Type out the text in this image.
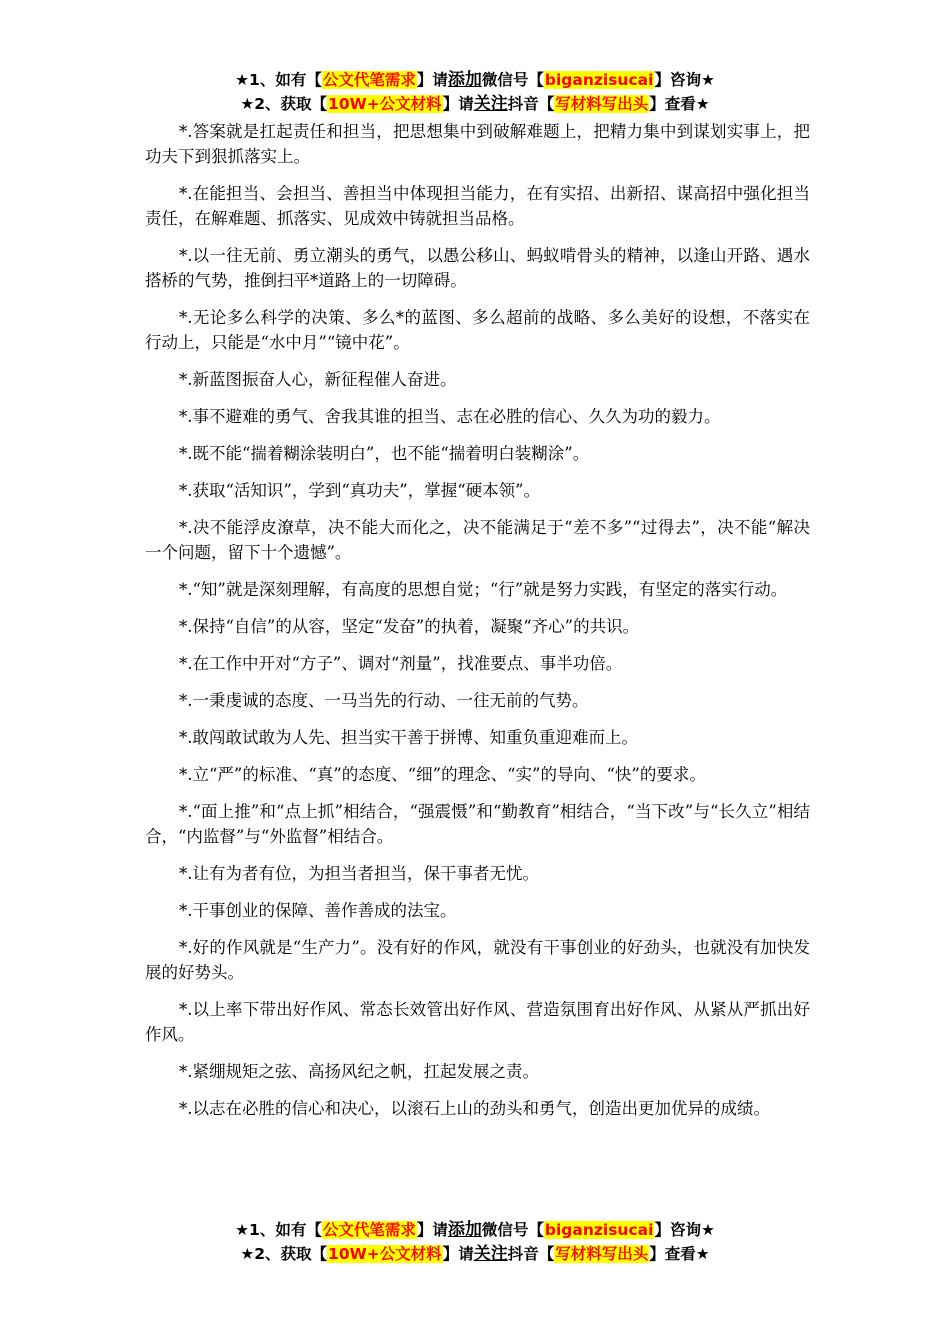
★1、如有【公文代笔需求】请添加微信号【biganzisucai】咨询★
★2、获取【10W+公文材料】请关注抖音【写材料写出头】查看★

*.答案就是扛起责任和担当，把思想集中到破解难题上，把精力集中到谋划实事上，把功夫下到狠抓落实上。

*.在能担当、会担当、善担当中体现担当能力，在有实招、出新招、谋高招中强化担当责任，在解难题、抓落实、见成效中铸就担当品格。

*.以一往无前、勇立潮头的勇气，以愚公移山、蚂蚁啃骨头的精神，以逢山开路、遇水搭桥的气势，推倒扫平*道路上的一切障碍。

*.无论多么科学的决策、多么*的蓝图、多么超前的战略、多么美好的设想，不落实在行动上，只能是“水中月”“镜中花”。

*.新蓝图振奋人心，新征程催人奋进。

*.事不避难的勇气、舍我其谁的担当、志在必胜的信心、久久为功的毅力。

*.既不能“揣着糊涂装明白”，也不能“揣着明白装糊涂”。

*.获取“活知识”，学到“真功夫”，掌握“硬本领”。

*.决不能浮皮潦草，决不能大而化之，决不能满足于“差不多”“过得去”，决不能“解决一个问题，留下十个遗憾”。

*.“知”就是深刻理解，有高度的思想自觉；“行”就是努力实践，有坚定的落实行动。

*.保持“自信”的从容，坚定“发奋”的执着，凝聚“齐心”的共识。

*.在工作中开对“方子”、调对“剂量”，找准要点、事半功倍。

*.一秉虔诚的态度、一马当先的行动、一往无前的气势。

*.敢闯敢试敢为人先、担当实干善于拼博、知重负重迎难而上。

*.立“严”的标准、“真”的态度、“细”的理念、“实”的导向、“快”的要求。

*.“面上推”和“点上抓”相结合，“强震慑”和“勤教育”相结合，“当下改”与“长久立”相结合，“内监督”与“外监督”相结合。

*.让有为者有位，为担当者担当，保干事者无忧。

*.干事创业的保障、善作善成的法宝。

*.好的作风就是“生产力”。没有好的作风，就没有干事创业的好劲头，也就没有加快发展的好势头。

*.以上率下带出好作风、常态长效管出好作风、营造氛围育出好作风、从紧从严抓出好作风。

*.紧绷规矩之弦、高扬风纪之帆，扛起发展之责。

*.以志在必胜的信心和决心，以滚石上山的劲头和勇气，创造出更加优异的成绩。

★1、如有【公文代笔需求】请添加微信号【biganzisucai】咨询★
★2、获取【10W+公文材料】请关注抖音【写材料写出头】查看★
